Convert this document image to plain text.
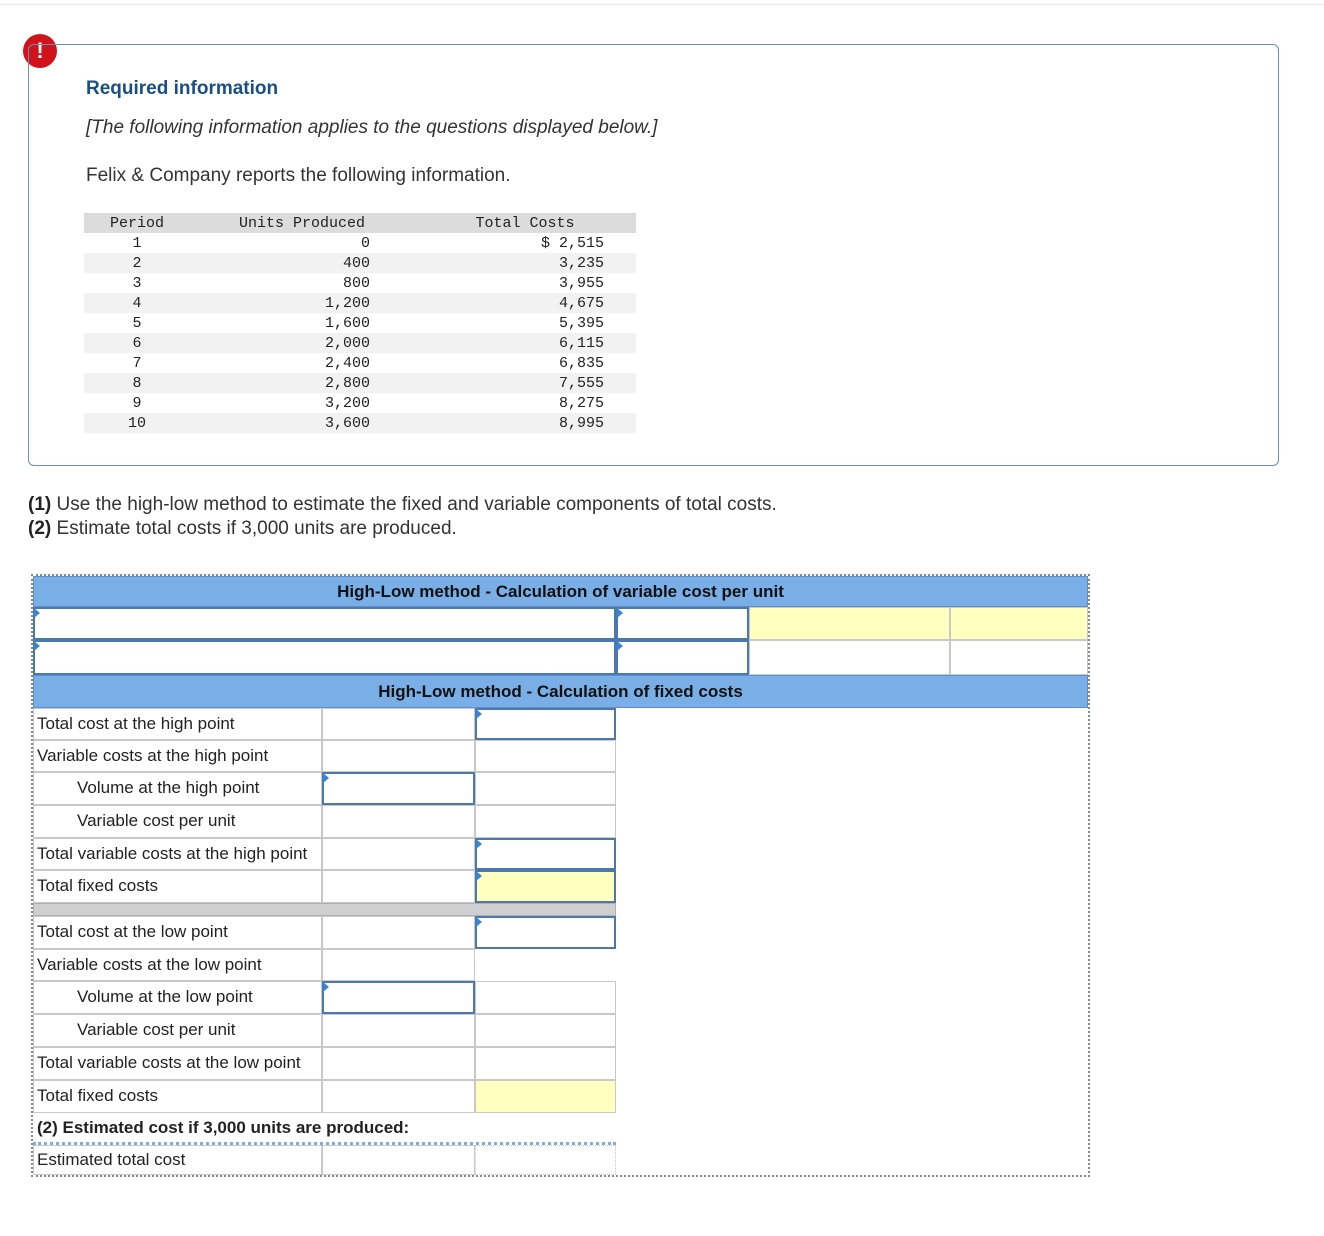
!
Required information
[The following information applies to the questions displayed below.]
Felix & Company reports the following information.
Period	Units Produced	Total Costs
1	0	$ 2,515
2	400	3,235
3	800	3,955
4	1,200	4,675
5	1,600	5,395
6	2,000	6,115
7	2,400	6,835
8	2,800	7,555
9	3,200	8,275
10	3,600	8,995
(1) Use the high-low method to estimate the fixed and variable components of total costs.
(2) Estimate total costs if 3,000 units are produced.
High-Low method - Calculation of variable cost per unit
High-Low method - Calculation of fixed costs
Total cost at the high point
Variable costs at the high point
Volume at the high point
Variable cost per unit
Total variable costs at the high point
Total fixed costs
Total cost at the low point
Variable costs at the low point
Volume at the low point
Variable cost per unit
Total variable costs at the low point
Total fixed costs
(2) Estimated cost if 3,000 units are produced:
Estimated total cost
